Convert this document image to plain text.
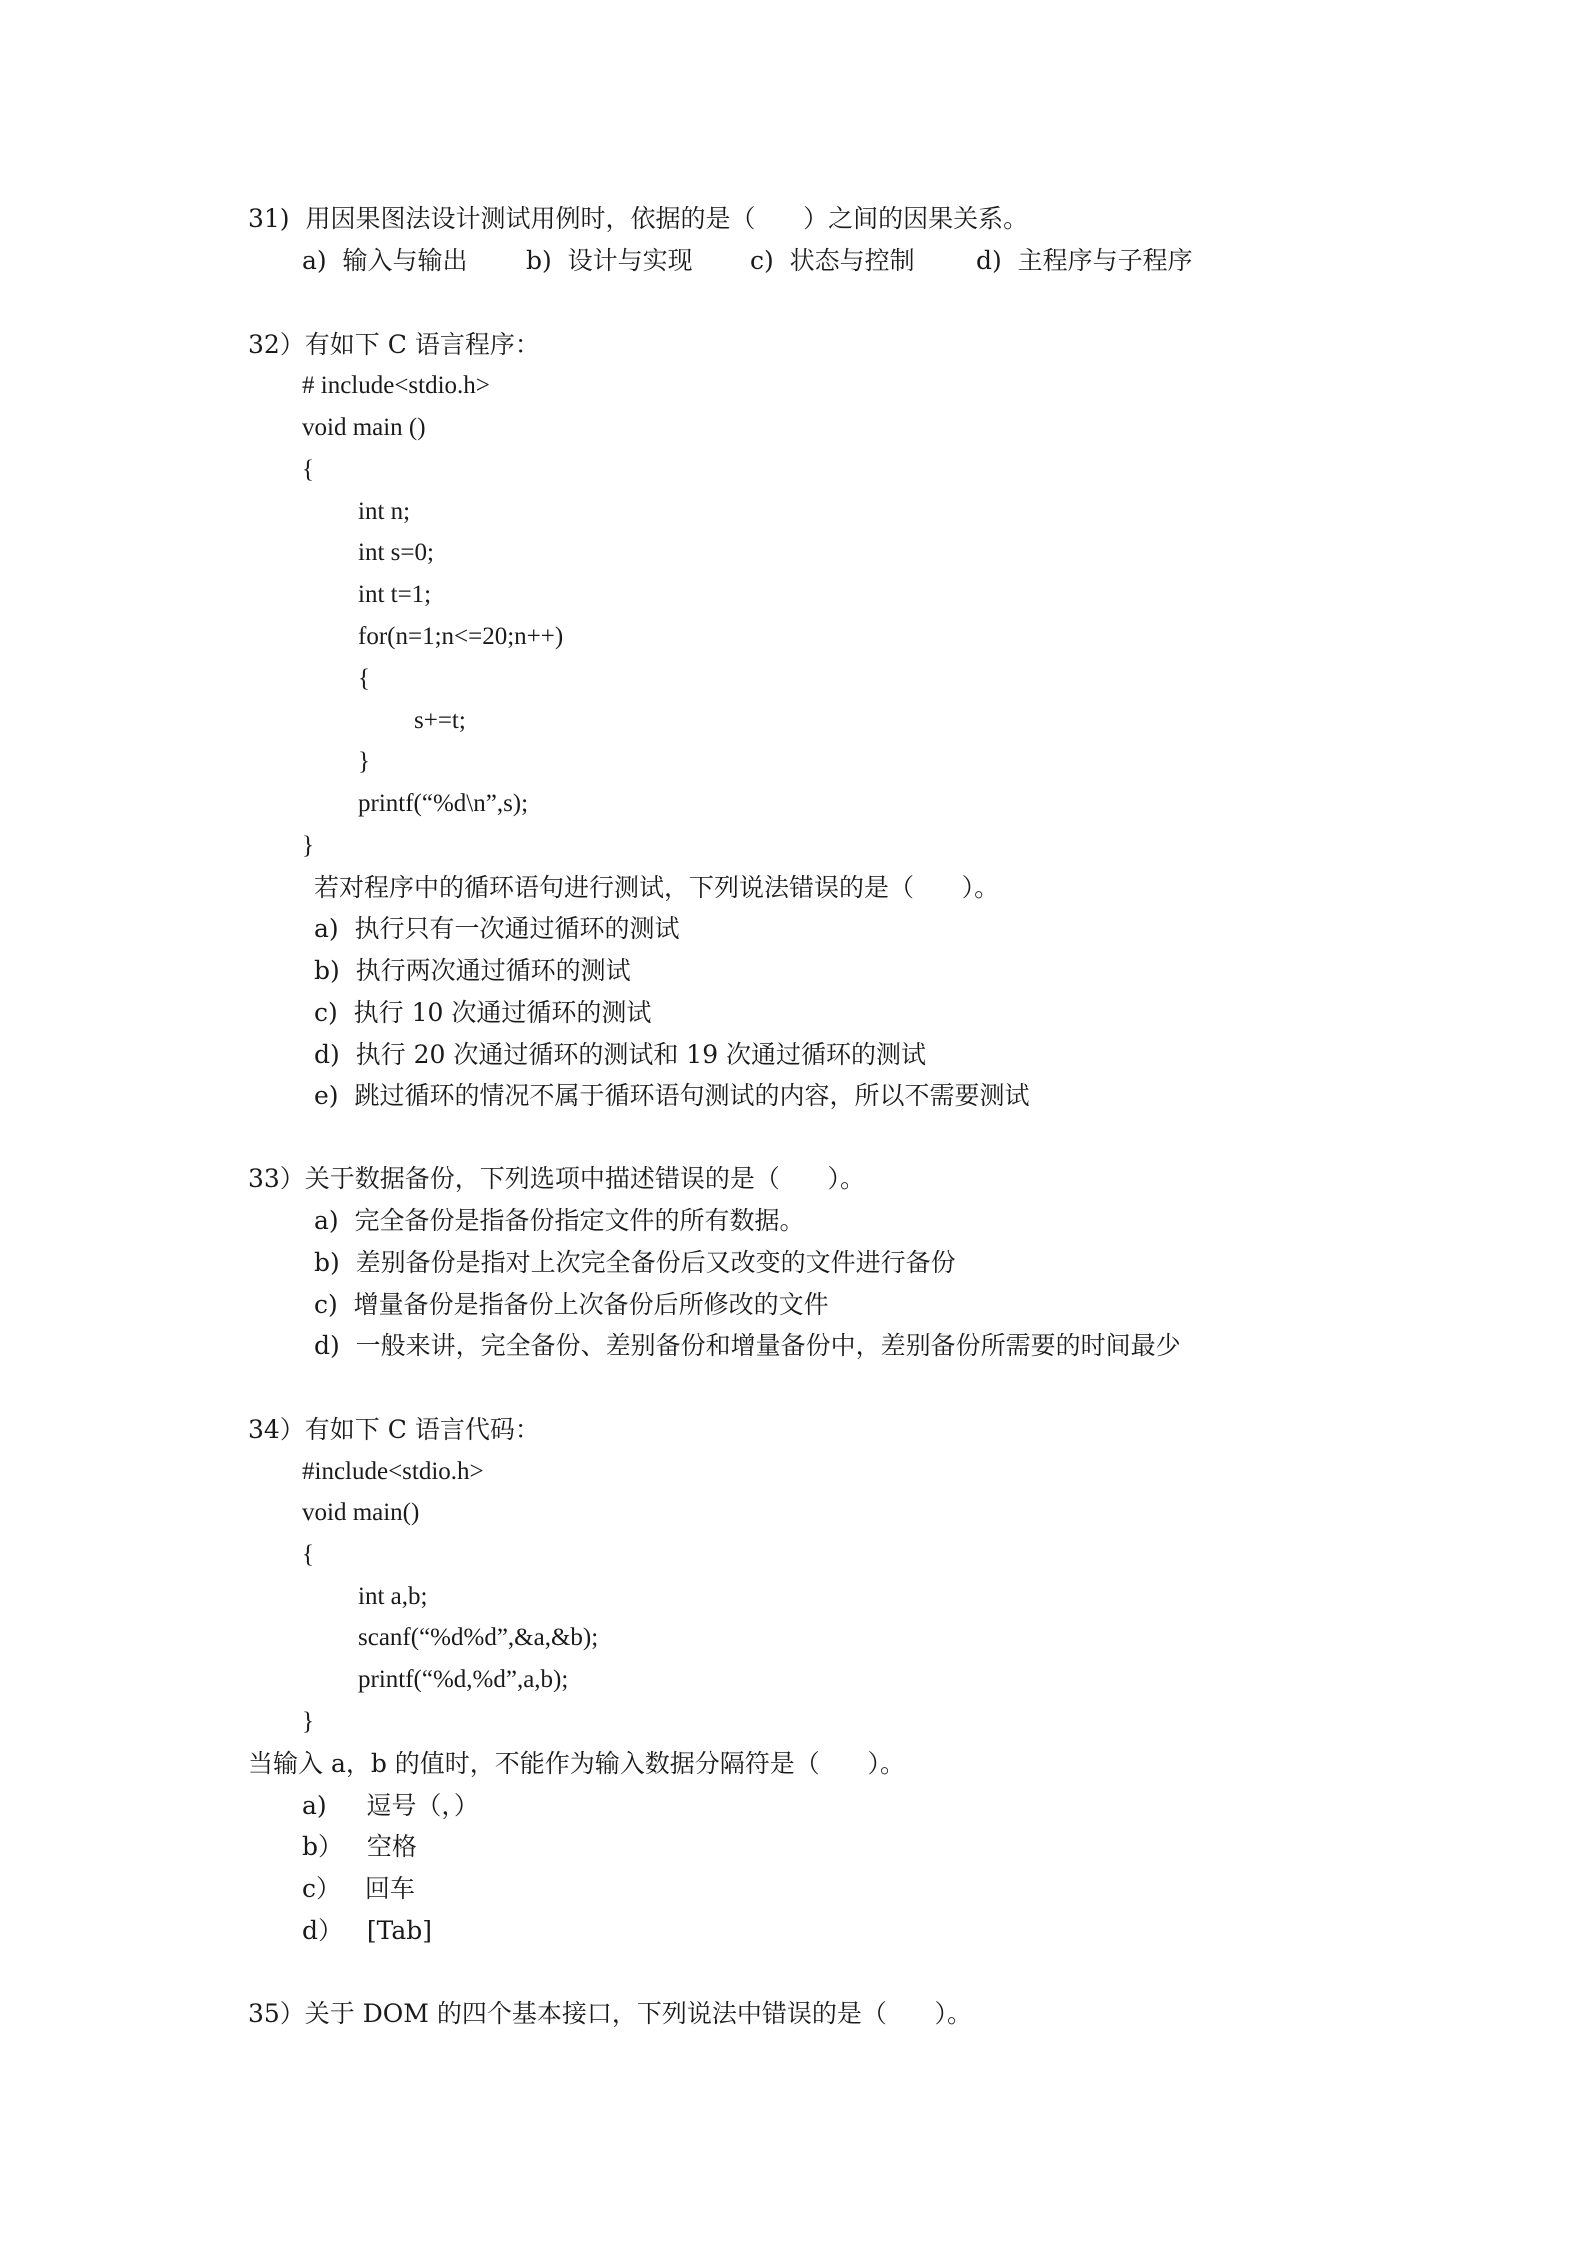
31)  用因果图法设计测试用例时，依据的是（      ）之间的因果关系。
a)  输入与输出 b)  设计与实现 c)  状态与控制 d)  主程序与子程序
32）有如下 C 语言程序：
# include<stdio.h>
void main ()
{
int n;
int s=0;
int t=1;
for(n=1;n<=20;n++)
{
s+=t;
}
printf(“%d\n”,s);
}
若对程序中的循环语句进行测试，下列说法错误的是（      ）。
a)  执行只有一次通过循环的测试
b)  执行两次通过循环的测试
c)  执行 10 次通过循环的测试
d)  执行 20 次通过循环的测试和 19 次通过循环的测试
e)  跳过循环的情况不属于循环语句测试的内容，所以不需要测试
33）关于数据备份，下列选项中描述错误的是（      ）。
a)  完全备份是指备份指定文件的所有数据。
b)  差别备份是指对上次完全备份后又改变的文件进行备份
c)  增量备份是指备份上次备份后所修改的文件
d)  一般来讲，完全备份、差别备份和增量备份中，差别备份所需要的时间最少
34）有如下 C 语言代码：
#include<stdio.h>
void main()
{
int a,b;
scanf(“%d%d”,&a,&b);
printf(“%d,%d”,a,b);
}
当输入 a，b 的值时，不能作为输入数据分隔符是（      ）。
a)     逗号（，）
b）   空格
c）   回车
d）   [Tab]
35）关于 DOM 的四个基本接口，下列说法中错误的是（      ）。
